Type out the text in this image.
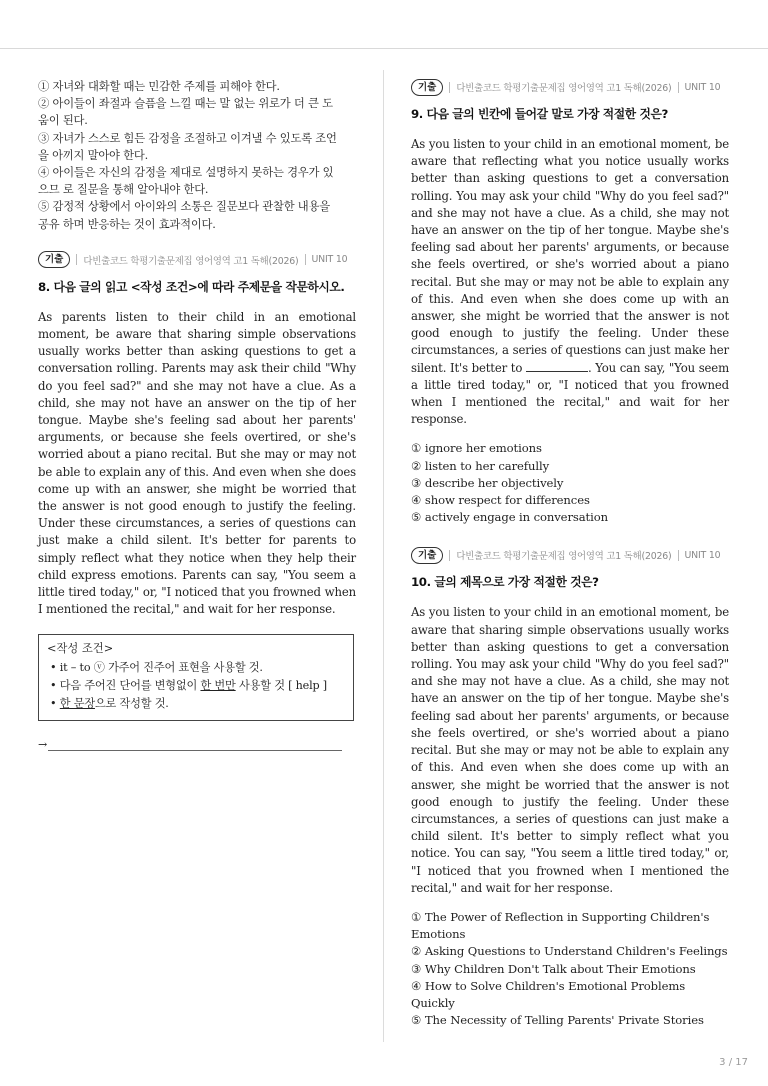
① 자녀와 대화할 때는 민감한 주제를 피해야 한다.
② 아이들이 좌절과 슬픔을 느낄 때는 말 없는 위로가 더 큰 도
움이 된다.
③ 자녀가 스스로 힘든 감정을 조절하고 이겨낼 수 있도록 조언
을 아끼지 말아야 한다.
④ 아이들은 자신의 감정을 제대로 설명하지 못하는 경우가 있
으므 로 질문을 통해 알아내야 한다.
⑤ 감정적 상황에서 아이와의 소통은 질문보다 관찰한 내용을
공유 하며 반응하는 것이 효과적이다.
기출	다빈출코드 학평기출문제집 영어영역 고1 독해(2026) UNIT 10
8. 다음 글의 읽고 <작성 조건>에 따라 주제문을 작문하시오.
As parents listen to their child in an emotional moment, be aware that sharing simple observations usually works better than asking questions to get a conversation rolling. Parents may ask their child "Why do you feel sad?" and she may not have a clue. As a child, she may not have an answer on the tip of her tongue. Maybe she's feeling sad about her parents' arguments, or because she feels overtired, or she's worried about a piano recital. But she may or may not be able to explain any of this. And even when she does come up with an answer, she might be worried that the answer is not good enough to justify the feeling. Under these circumstances, a series of questions can just make a child silent. It's better for parents to simply reflect what they notice when they help their child express emotions. Parents can say, "You seem a little tired today," or, "I noticed that you frowned when I mentioned the recital," and wait for her response.
<작성 조건>
• it – to ⓥ 가주어 진주어 표현을 사용할 것.
• 다음 주어진 단어를 변형없이 한 번만 사용할 것 [ help ]
• 한 문장으로 작성할 것.
→
기출	다빈출코드 학평기출문제집 영어영역 고1 독해(2026) UNIT 10
9. 다음 글의 빈칸에 들어갈 말로 가장 적절한 것은?
As you listen to your child in an emotional moment, be aware that reflecting what you notice usually works better than asking questions to get a conversation rolling. You may ask your child "Why do you feel sad?" and she may not have a clue. As a child, she may not have an answer on the tip of her tongue. Maybe she's feeling sad about her parents' arguments, or because she feels overtired, or she's worried about a piano recital. But she may or may not be able to explain any of this. And even when she does come up with an answer, she might be worried that the answer is not good enough to justify the feeling. Under these circumstances, a series of questions can just make her silent. It's better to	. You can say, "You seem a little tired today," or, "I noticed that you frowned when I mentioned the recital," and wait for her response.
① ignore her emotions
② listen to her carefully
③ describe her objectively
④ show respect for differences
⑤ actively engage in conversation
기출	다빈출코드 학평기출문제집 영어영역 고1 독해(2026) UNIT 10
10. 글의 제목으로 가장 적절한 것은?
As you listen to your child in an emotional moment, be aware that sharing simple observations usually works better than asking questions to get a conversation rolling. You may ask your child "Why do you feel sad?" and she may not have a clue. As a child, she may not have an answer on the tip of her tongue. Maybe she's feeling sad about her parents' arguments, or because she feels overtired, or she's worried about a piano recital. But she may or may not be able to explain any of this. And even when she does come up with an answer, she might be worried that the answer is not good enough to justify the feeling. Under these circumstances, a series of questions can just make a child silent. It's better to simply reflect what you notice. You can say, "You seem a little tired today," or, "I noticed that you frowned when I mentioned the recital," and wait for her response.
① The Power of Reflection in Supporting Children's Emotions
② Asking Questions to Understand Children's Feelings
③ Why Children Don't Talk about Their Emotions
④ How to Solve Children's Emotional Problems Quickly
⑤ The Necessity of Telling Parents' Private Stories
3 / 17
